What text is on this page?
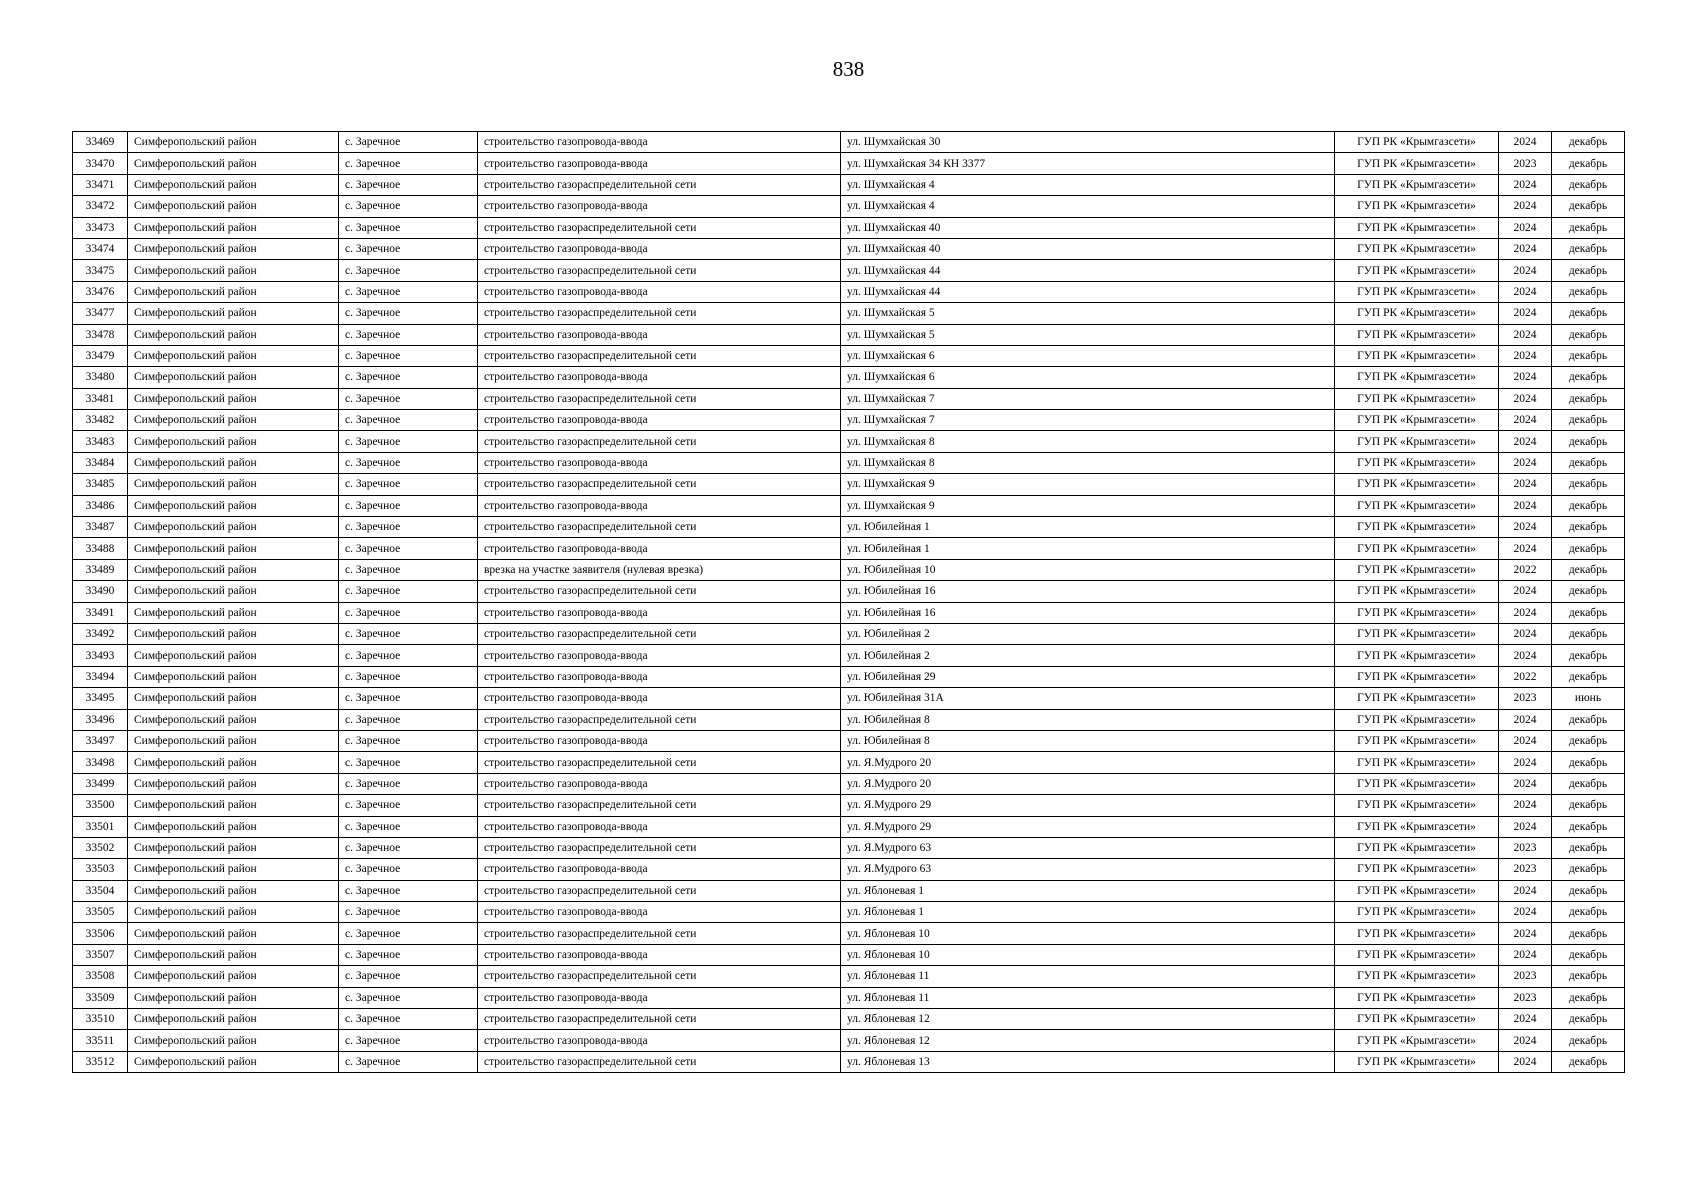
838
33469	Симферопольский район	с. Заречное	строительство газопровода-ввода	ул. Шумхайская 30	ГУП РК «Крымгазсети»	2024	декабрь
33470	Симферопольский район	с. Заречное	строительство газопровода-ввода	ул. Шумхайская 34 КН 3377	ГУП РК «Крымгазсети»	2023	декабрь
33471	Симферопольский район	с. Заречное	строительство газораспределительной сети	ул. Шумхайская 4	ГУП РК «Крымгазсети»	2024	декабрь
33472	Симферопольский район	с. Заречное	строительство газопровода-ввода	ул. Шумхайская 4	ГУП РК «Крымгазсети»	2024	декабрь
33473	Симферопольский район	с. Заречное	строительство газораспределительной сети	ул. Шумхайская 40	ГУП РК «Крымгазсети»	2024	декабрь
33474	Симферопольский район	с. Заречное	строительство газопровода-ввода	ул. Шумхайская 40	ГУП РК «Крымгазсети»	2024	декабрь
33475	Симферопольский район	с. Заречное	строительство газораспределительной сети	ул. Шумхайская 44	ГУП РК «Крымгазсети»	2024	декабрь
33476	Симферопольский район	с. Заречное	строительство газопровода-ввода	ул. Шумхайская 44	ГУП РК «Крымгазсети»	2024	декабрь
33477	Симферопольский район	с. Заречное	строительство газораспределительной сети	ул. Шумхайская 5	ГУП РК «Крымгазсети»	2024	декабрь
33478	Симферопольский район	с. Заречное	строительство газопровода-ввода	ул. Шумхайская 5	ГУП РК «Крымгазсети»	2024	декабрь
33479	Симферопольский район	с. Заречное	строительство газораспределительной сети	ул. Шумхайская 6	ГУП РК «Крымгазсети»	2024	декабрь
33480	Симферопольский район	с. Заречное	строительство газопровода-ввода	ул. Шумхайская 6	ГУП РК «Крымгазсети»	2024	декабрь
33481	Симферопольский район	с. Заречное	строительство газораспределительной сети	ул. Шумхайская 7	ГУП РК «Крымгазсети»	2024	декабрь
33482	Симферопольский район	с. Заречное	строительство газопровода-ввода	ул. Шумхайская 7	ГУП РК «Крымгазсети»	2024	декабрь
33483	Симферопольский район	с. Заречное	строительство газораспределительной сети	ул. Шумхайская 8	ГУП РК «Крымгазсети»	2024	декабрь
33484	Симферопольский район	с. Заречное	строительство газопровода-ввода	ул. Шумхайская 8	ГУП РК «Крымгазсети»	2024	декабрь
33485	Симферопольский район	с. Заречное	строительство газораспределительной сети	ул. Шумхайская 9	ГУП РК «Крымгазсети»	2024	декабрь
33486	Симферопольский район	с. Заречное	строительство газопровода-ввода	ул. Шумхайская 9	ГУП РК «Крымгазсети»	2024	декабрь
33487	Симферопольский район	с. Заречное	строительство газораспределительной сети	ул. Юбилейная 1	ГУП РК «Крымгазсети»	2024	декабрь
33488	Симферопольский район	с. Заречное	строительство газопровода-ввода	ул. Юбилейная 1	ГУП РК «Крымгазсети»	2024	декабрь
33489	Симферопольский район	с. Заречное	врезка на участке заявителя (нулевая врезка)	ул. Юбилейная 10	ГУП РК «Крымгазсети»	2022	декабрь
33490	Симферопольский район	с. Заречное	строительство газораспределительной сети	ул. Юбилейная 16	ГУП РК «Крымгазсети»	2024	декабрь
33491	Симферопольский район	с. Заречное	строительство газопровода-ввода	ул. Юбилейная 16	ГУП РК «Крымгазсети»	2024	декабрь
33492	Симферопольский район	с. Заречное	строительство газораспределительной сети	ул. Юбилейная 2	ГУП РК «Крымгазсети»	2024	декабрь
33493	Симферопольский район	с. Заречное	строительство газопровода-ввода	ул. Юбилейная 2	ГУП РК «Крымгазсети»	2024	декабрь
33494	Симферопольский район	с. Заречное	строительство газопровода-ввода	ул. Юбилейная 29	ГУП РК «Крымгазсети»	2022	декабрь
33495	Симферопольский район	с. Заречное	строительство газопровода-ввода	ул. Юбилейная 31А	ГУП РК «Крымгазсети»	2023	июнь
33496	Симферопольский район	с. Заречное	строительство газораспределительной сети	ул. Юбилейная 8	ГУП РК «Крымгазсети»	2024	декабрь
33497	Симферопольский район	с. Заречное	строительство газопровода-ввода	ул. Юбилейная 8	ГУП РК «Крымгазсети»	2024	декабрь
33498	Симферопольский район	с. Заречное	строительство газораспределительной сети	ул. Я.Мудрого 20	ГУП РК «Крымгазсети»	2024	декабрь
33499	Симферопольский район	с. Заречное	строительство газопровода-ввода	ул. Я.Мудрого 20	ГУП РК «Крымгазсети»	2024	декабрь
33500	Симферопольский район	с. Заречное	строительство газораспределительной сети	ул. Я.Мудрого 29	ГУП РК «Крымгазсети»	2024	декабрь
33501	Симферопольский район	с. Заречное	строительство газопровода-ввода	ул. Я.Мудрого 29	ГУП РК «Крымгазсети»	2024	декабрь
33502	Симферопольский район	с. Заречное	строительство газораспределительной сети	ул. Я.Мудрого 63	ГУП РК «Крымгазсети»	2023	декабрь
33503	Симферопольский район	с. Заречное	строительство газопровода-ввода	ул. Я.Мудрого 63	ГУП РК «Крымгазсети»	2023	декабрь
33504	Симферопольский район	с. Заречное	строительство газораспределительной сети	ул. Яблоневая 1	ГУП РК «Крымгазсети»	2024	декабрь
33505	Симферопольский район	с. Заречное	строительство газопровода-ввода	ул. Яблоневая 1	ГУП РК «Крымгазсети»	2024	декабрь
33506	Симферопольский район	с. Заречное	строительство газораспределительной сети	ул. Яблоневая 10	ГУП РК «Крымгазсети»	2024	декабрь
33507	Симферопольский район	с. Заречное	строительство газопровода-ввода	ул. Яблоневая 10	ГУП РК «Крымгазсети»	2024	декабрь
33508	Симферопольский район	с. Заречное	строительство газораспределительной сети	ул. Яблоневая 11	ГУП РК «Крымгазсети»	2023	декабрь
33509	Симферопольский район	с. Заречное	строительство газопровода-ввода	ул. Яблоневая 11	ГУП РК «Крымгазсети»	2023	декабрь
33510	Симферопольский район	с. Заречное	строительство газораспределительной сети	ул. Яблоневая 12	ГУП РК «Крымгазсети»	2024	декабрь
33511	Симферопольский район	с. Заречное	строительство газопровода-ввода	ул. Яблоневая 12	ГУП РК «Крымгазсети»	2024	декабрь
33512	Симферопольский район	с. Заречное	строительство газораспределительной сети	ул. Яблоневая 13	ГУП РК «Крымгазсети»	2024	декабрь
